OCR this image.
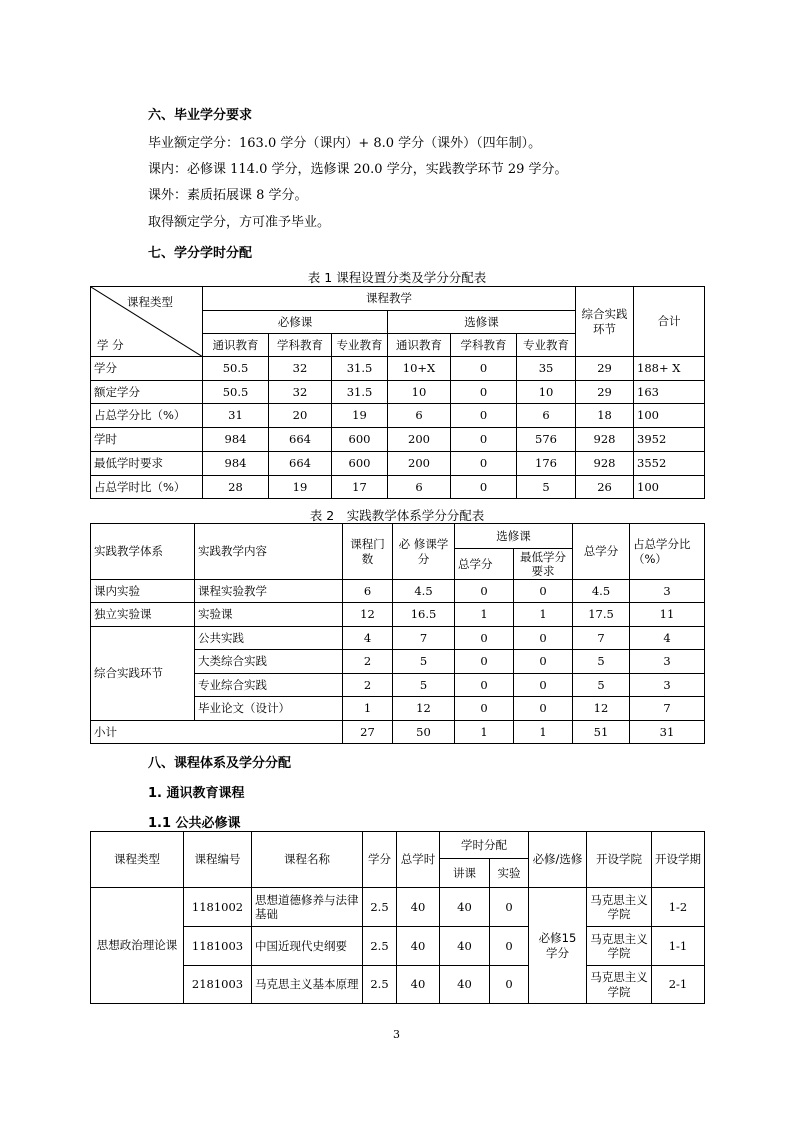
六、毕业学分要求
毕业额定学分：163.0 学分（课内）+ 8.0 学分（课外）（四年制）。
课内：必修课 114.0 学分，选修课 20.0 学分，实践教学环节 29 学分。
课外：素质拓展课 8 学分。
取得额定学分，方可准予毕业。
七、学分学时分配
表 1 课程设置分类及学分分配表
课程类型
学 分	课程教学						综合实践环节	合计
	必修课			选修课				
	通识教育	学科教育	专业教育	通识教育	学科教育	专业教育		
学分	50.5	32	31.5	10+X	0	35	29	188+ X
额定学分	50.5	32	31.5	10	0	10	29	163
占总学分比（%）	31	20	19	6	0	6	18	100
学时	984	664	600	200	0	576	928	3952
最低学时要求	984	664	600	200	0	176	928	3552
占总学时比（%）	28	19	17	6	0	5	26	100
表 2　实践教学体系学分分配表
实践教学体系	实践教学内容	课程门数	必 修课学分	选修课		总学分	占总学分比（%）
				总学分	最低学分要求		
课内实验	课程实验教学	6	4.5	0	0	4.5	3
独立实验课	实验课	12	16.5	1	1	17.5	11
综合实践环节	公共实践	4	7	0	0	7	4
	大类综合实践	2	5	0	0	5	3
	专业综合实践	2	5	0	0	5	3
	毕业论文（设计）	1	12	0	0	12	7
小计		27	50	1	1	51	31
八、课程体系及学分分配
1. 通识教育课程
1.1 公共必修课
课程类型	课程编号	课程名称	学分	总学时	学时分配		必修/选修	开设学院	开设学期
					讲课	实验			
思想政治理论课	1181002	思想道德修养与法律基础	2.5	40	40	0	必修15 学分	马克思主义学院	1-2
	1181003	中国近现代史纲要	2.5	40	40	0		马克思主义学院	1-1
	2181003	马克思主义基本原理	2.5	40	40	0		马克思主义学院	2-1
3
